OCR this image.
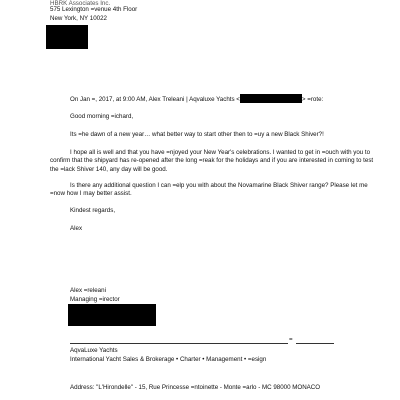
HBRK Associates Inc.
575 Lexington =venue 4th Floor
New York, NY 10022
On Jan =, 2017, at 9:00 AM, Alex Treleani | Aqvaluxe Yachts <	> =rote:
Good morning =ichard,
Its =he dawn of a new year… what better way to start other then to =uy a new Black Shiver?!
I hope all is well and that you have =njoyed your New Year's celebrations. I wanted to get in =ouch with you to confirm that the shipyard has re-opened after the long =reak for the holidays and if you are interested in coming to test the =lack Shiver 140, any day will be good.
Is there any additional question I can =elp you with about the Novamarine Black Shiver range? Please let me =now how I may better assist.
Kindest regards,
Alex
Alex =releani
Managing =irector
=
AqvaLuxe Yachts
International Yacht Sales & Brokerage • Charter • Management • =esign
Address: "L'Hirondelle" - 15, Rue Princesse =ntoinette - Monte =arlo - MC 98000 MONACO
